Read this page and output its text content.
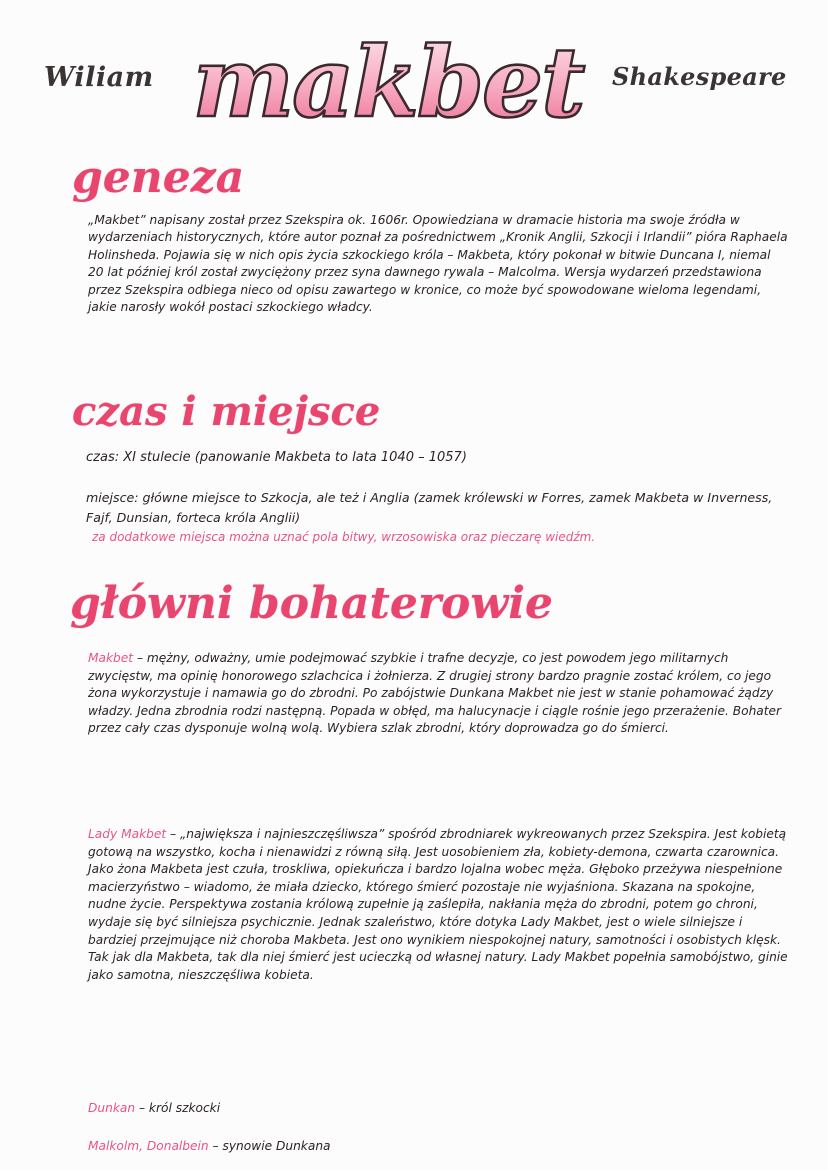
Wiliam makbet Shakespeare
geneza
„Makbet” napisany został przez Szekspira ok. 1606r. Opowiedziana w dramacie historia ma swoje źródła w wydarzeniach historycznych, które autor poznał za pośrednictwem „Kronik Anglii, Szkocji i Irlandii” pióra Raphaela Holinsheda. Pojawia się w nich opis życia szkockiego króla – Makbeta, który pokonał w bitwie Duncana I, niemal 20 lat później król został zwyciężony przez syna dawnego rywala – Malcolma. Wersja wydarzeń przedstawiona przez Szekspira odbiega nieco od opisu zawartego w kronice, co może być spowodowane wieloma legendami, jakie narosły wokół postaci szkockiego władcy.
czas i miejsce
czas: XI stulecie (panowanie Makbeta to lata 1040 – 1057)
miejsce: główne miejsce to Szkocja, ale też i Anglia (zamek królewski w Forres, zamek Makbeta w Inverness, Fajf, Dunsian, forteca króla Anglii)
za dodatkowe miejsca można uznać pola bitwy, wrzosowiska oraz pieczarę wiedźm.
główni bohaterowie
Makbet – mężny, odważny, umie podejmować szybkie i trafne decyzje, co jest powodem jego militarnych zwycięstw, ma opinię honorowego szlachcica i żołnierza. Z drugiej strony bardzo pragnie zostać królem, co jego żona wykorzystuje i namawia go do zbrodni. Po zabójstwie Dunkana Makbet nie jest w stanie pohamować żądzy władzy. Jedna zbrodnia rodzi następną. Popada w obłęd, ma halucynacje i ciągle rośnie jego przerażenie. Bohater przez cały czas dysponuje wolną wolą. Wybiera szlak zbrodni, który doprowadza go do śmierci.
Lady Makbet – „największa i najnieszczęśliwsza” spośród zbrodniarek wykreowanych przez Szekspira. Jest kobietą gotową na wszystko, kocha i nienawidzi z równą siłą. Jest uosobieniem zła, kobiety-demona, czwarta czarownica. Jako żona Makbeta jest czuła, troskliwa, opiekuńcza i bardzo lojalna wobec męża. Głęboko przeżywa niespełnione macierzyństwo – wiadomo, że miała dziecko, którego śmierć pozostaje nie wyjaśniona. Skazana na spokojne, nudne życie. Perspektywa zostania królową zupełnie ją zaślepiła, nakłania męża do zbrodni, potem go chroni, wydaje się być silniejsza psychicznie. Jednak szaleństwo, które dotyka Lady Makbet, jest o wiele silniejsze i bardziej przejmujące niż choroba Makbeta. Jest ono wynikiem niespokojnej natury, samotności i osobistych klęsk. Tak jak dla Makbeta, tak dla niej śmierć jest ucieczką od własnej natury. Lady Makbet popełnia samobójstwo, ginie jako samotna, nieszczęśliwa kobieta.
Dunkan – król szkocki
Malkolm, Donalbein – synowie Dunkana
